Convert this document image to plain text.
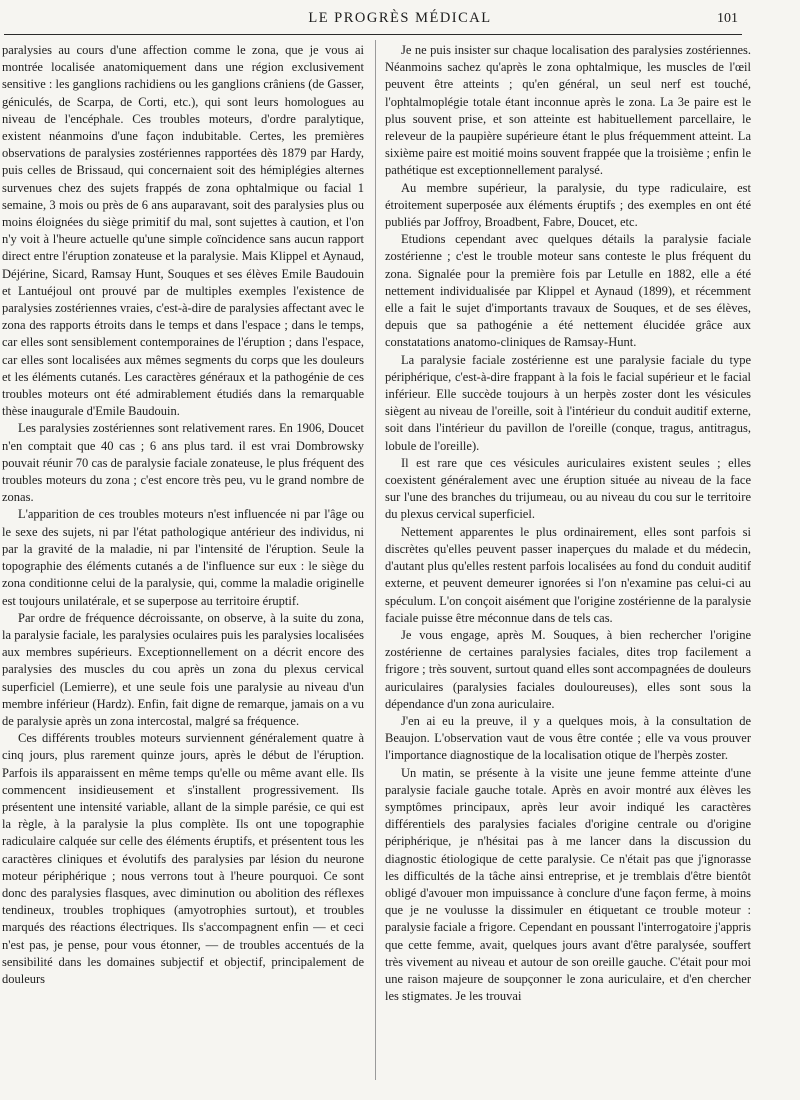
LE PROGRÈS MÉDICAL	101

paralysies au cours d'une affection comme le zona, que je vous ai montrée localisée anatomiquement dans une région exclusivement sensitive : les ganglions rachidiens ou les ganglions crâniens (de Gasser, géniculés, de Scarpa, de Corti, etc.), qui sont leurs homologues au niveau de l'encéphale. Ces troubles moteurs, d'ordre paralytique, existent néanmoins d'une façon indubitable. Certes, les premières observations de paralysies zostériennes rapportées dès 1879 par Hardy, puis celles de Brissaud, qui concernaient soit des hémiplégies alternes survenues chez des sujets frappés de zona ophtalmique ou facial 1 semaine, 3 mois ou près de 6 ans auparavant, soit des paralysies plus ou moins éloignées du siège primitif du mal, sont sujettes à caution, et l'on n'y voit à l'heure actuelle qu'une simple coïncidence sans aucun rapport direct entre l'éruption zonateuse et la paralysie. Mais Klippel et Aynaud, Déjérine, Sicard, Ramsay Hunt, Souques et ses élèves Emile Baudouin et Lantuéjoul ont prouvé par de multiples exemples l'existence de paralysies zostériennes vraies, c'est-à-dire de paralysies affectant avec le zona des rapports étroits dans le temps et dans l'espace ; dans le temps, car elles sont sensiblement contemporaines de l'éruption ; dans l'espace, car elles sont localisées aux mêmes segments du corps que les douleurs et les éléments cutanés. Les caractères généraux et la pathogénie de ces troubles moteurs ont été admirablement étudiés dans la remarquable thèse inaugurale d'Emile Baudouin.

Les paralysies zostériennes sont relativement rares. En 1906, Doucet n'en comptait que 40 cas ; 6 ans plus tard. il est vrai Dombrowsky pouvait réunir 70 cas de paralysie faciale zonateuse, le plus fréquent des troubles moteurs du zona ; c'est encore très peu, vu le grand nombre de zonas.

L'apparition de ces troubles moteurs n'est influencée ni par l'âge ou le sexe des sujets, ni par l'état pathologique antérieur des individus, ni par la gravité de la maladie, ni par l'intensité de l'éruption. Seule la topographie des éléments cutanés a de l'influence sur eux : le siège du zona conditionne celui de la paralysie, qui, comme la maladie originelle est toujours unilatérale, et se superpose au territoire éruptif.

Par ordre de fréquence décroissante, on observe, à la suite du zona, la paralysie faciale, les paralysies oculaires puis les paralysies localisées aux membres supérieurs. Exceptionnellement on a décrit encore des paralysies des muscles du cou après un zona du plexus cervical superficiel (Lemierre), et une seule fois une paralysie au niveau d'un membre inférieur (Hardz). Enfin, fait digne de remarque, jamais on a vu de paralysie après un zona intercostal, malgré sa fréquence.

Ces différents troubles moteurs surviennent généralement quatre à cinq jours, plus rarement quinze jours, après le début de l'éruption. Parfois ils apparaissent en même temps qu'elle ou même avant elle. Ils commencent insidieusement et s'installent progressivement. Ils présentent une intensité variable, allant de la simple parésie, ce qui est la règle, à la paralysie la plus complète. Ils ont une topographie radiculaire calquée sur celle des éléments éruptifs, et présentent tous les caractères cliniques et évolutifs des paralysies par lésion du neurone moteur périphérique ; nous verrons tout à l'heure pourquoi. Ce sont donc des paralysies flasques, avec diminution ou abolition des réflexes tendineux, troubles trophiques (amyotrophies surtout), et troubles marqués des réactions électriques. Ils s'accompagnent enfin — et ceci n'est pas, je pense, pour vous étonner, — de troubles accentués de la sensibilité dans les domaines subjectif et objectif, principalement de douleurs

Je ne puis insister sur chaque localisation des paralysies zostériennes. Néanmoins sachez qu'après le zona ophtalmique, les muscles de l'œil peuvent être atteints ; qu'en général, un seul nerf est touché, l'ophtalmoplégie totale étant inconnue après le zona. La 3e paire est le plus souvent prise, et son atteinte est habituellement parcellaire, le releveur de la paupière supérieure étant le plus fréquemment atteint. La sixième paire est moitié moins souvent frappée que la troisième ; enfin le pathétique est exceptionnellement paralysé.

Au membre supérieur, la paralysie, du type radiculaire, est étroitement superposée aux éléments éruptifs ; des exemples en ont été publiés par Joffroy, Broadbent, Fabre, Doucet, etc.

Etudions cependant avec quelques détails la paralysie faciale zostérienne ; c'est le trouble moteur sans conteste le plus fréquent du zona. Signalée pour la première fois par Letulle en 1882, elle a été nettement individualisée par Klippel et Aynaud (1899), et récemment elle a fait le sujet d'importants travaux de Souques, et de ses élèves, depuis que sa pathogénie a été nettement élucidée grâce aux constatations anatomo-cliniques de Ramsay-Hunt.

La paralysie faciale zostérienne est une paralysie faciale du type périphérique, c'est-à-dire frappant à la fois le facial supérieur et le facial inférieur. Elle succède toujours à un herpès zoster dont les vésicules siègent au niveau de l'oreille, soit à l'intérieur du conduit auditif externe, soit dans l'intérieur du pavillon de l'oreille (conque, tragus, antitragus, lobule de l'oreille).

Il est rare que ces vésicules auriculaires existent seules ; elles coexistent généralement avec une éruption située au niveau de la face sur l'une des branches du trijumeau, ou au niveau du cou sur le territoire du plexus cervical superficiel.

Nettement apparentes le plus ordinairement, elles sont parfois si discrètes qu'elles peuvent passer inaperçues du malade et du médecin, d'autant plus qu'elles restent parfois localisées au fond du conduit auditif externe, et peuvent demeurer ignorées si l'on n'examine pas celui-ci au spéculum. L'on conçoit aisément que l'origine zostérienne de la paralysie faciale puisse être méconnue dans de tels cas.

Je vous engage, après M. Souques, à bien rechercher l'origine zostérienne de certaines paralysies faciales, dites trop facilement a frigore ; très souvent, surtout quand elles sont accompagnées de douleurs auriculaires (paralysies faciales douloureuses), elles sont sous la dépendance d'un zona auriculaire.

J'en ai eu la preuve, il y a quelques mois, à la consultation de Beaujon. L'observation vaut de vous être contée ; elle va vous prouver l'importance diagnostique de la localisation otique de l'herpès zoster.

Un matin, se présente à la visite une jeune femme atteinte d'une paralysie faciale gauche totale. Après en avoir montré aux élèves les symptômes principaux, après leur avoir indiqué les caractères différentiels des paralysies faciales d'origine centrale ou d'origine périphérique, je n'hésitai pas à me lancer dans la discussion du diagnostic étiologique de cette paralysie. Ce n'était pas que j'ignorasse les difficultés de la tâche ainsi entreprise, et je tremblais d'être bientôt obligé d'avouer mon impuissance à conclure d'une façon ferme, à moins que je ne voulusse la dissimuler en étiquetant ce trouble moteur : paralysie faciale a frigore. Cependant en poussant l'interrogatoire j'appris que cette femme, avait, quelques jours avant d'être paralysée, souffert très vivement au niveau et autour de son oreille gauche. C'était pour moi une raison majeure de soupçonner le zona auriculaire, et d'en chercher les stigmates. Je les trouvai
